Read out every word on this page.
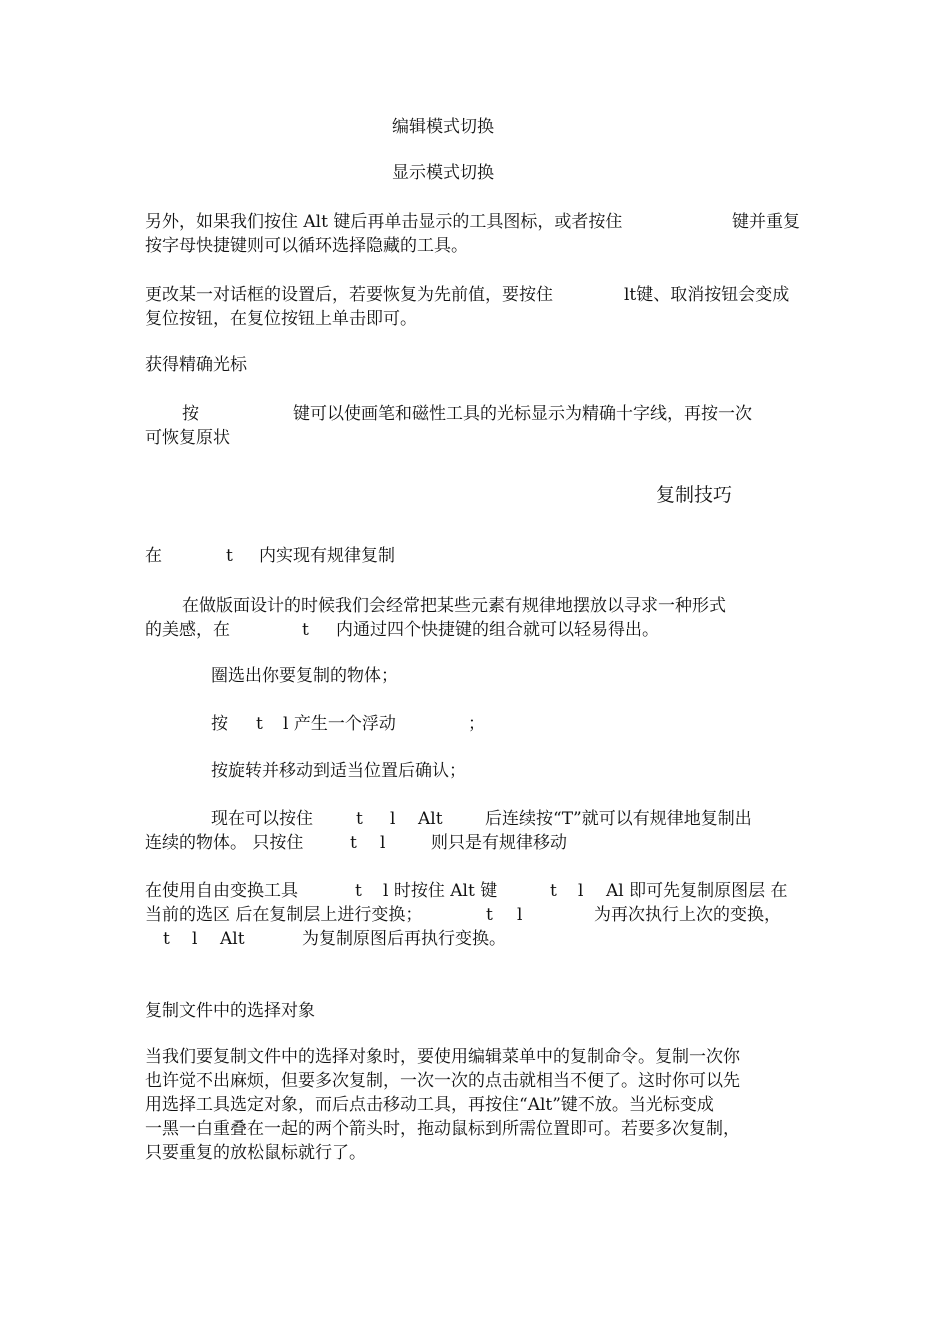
编辑模式切换
显示模式切换
另外，如果我们按住 Alt 键后再单击显示的工具图标，或者按住	键并重复
按字母快捷键则可以循环选择隐藏的工具。
更改某一对话框的设置后，若要恢复为先前值，要按住	lt键、取消按钮会变成
复位按钮，在复位按钮上单击即可。
获得精确光标
按	键可以使画笔和磁性工具的光标显示为精确十字线，再按一次
可恢复原状
复制技巧
在	t 内实现有规律复制
在做版面设计的时候我们会经常把某些元素有规律地摆放以寻求一种形式
的美感，在	t 内通过四个快捷键的组合就可以轻易得出。
圈选出你要复制的物体；
按 t l 产生一个浮动	；
按旋转并移动到适当位置后确认；
现在可以按住	t l Alt 后连续按“T”就可以有规律地复制出
连续的物体。 只按住	t l	则只是有规律移动
在使用自由变换工具	t l 时按住 Alt 键	t l Al 即可先复制原图层 在
当前的选区 后在复制层上进行变换；	t l	为再次执行上次的变换，
t l Alt	为复制原图后再执行变换。
复制文件中的选择对象
当我们要复制文件中的选择对象时，要使用编辑菜单中的复制命令。复制一次你
也许觉不出麻烦，但要多次复制，一次一次的点击就相当不便了。这时你可以先
用选择工具选定对象，而后点击移动工具，再按住“Alt”键不放。当光标变成
一黑一白重叠在一起的两个箭头时，拖动鼠标到所需位置即可。若要多次复制，
只要重复的放松鼠标就行了。
